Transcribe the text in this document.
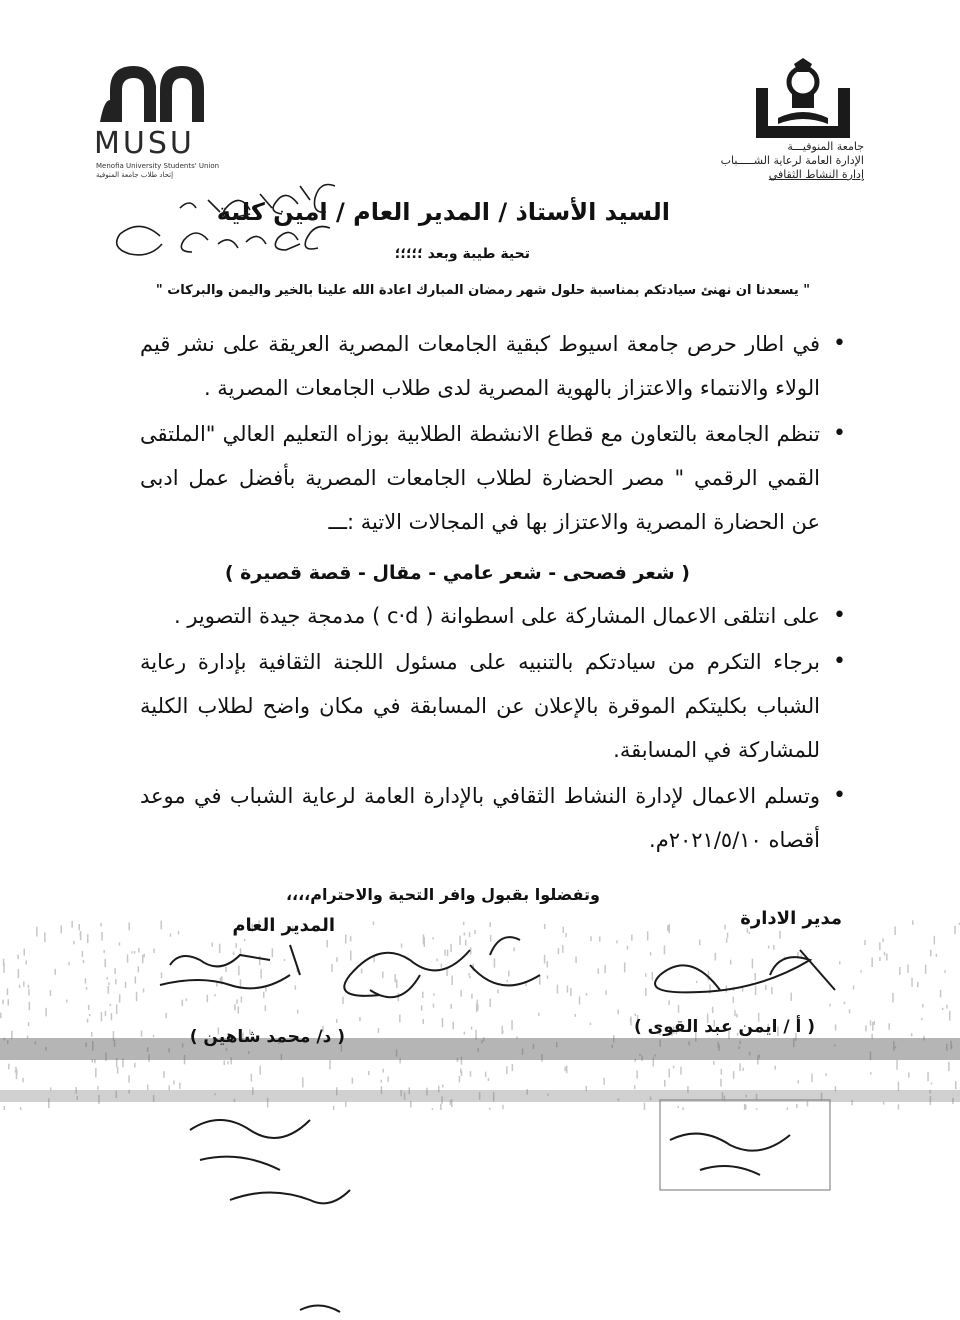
MUSU
Menofia University Students' Union
إتحاد طلاب جامعة المنوفية
جامعة المنوفيـــة
الإدارة العامة لرعاية الشـــــباب
إدارة النشاط الثقافي
السيد الأستاذ / المدير العام / امين كلية
تحية طيبة وبعد ؛؛؛؛؛
" يسعدنا ان نهنئ سيادتكم بمناسبة حلول شهر رمضان المبارك اعادة الله علينا بالخير واليمن والبركات "
• في اطار حرص جامعة اسيوط كبقية الجامعات المصرية العريقة على نشر قيم الولاء والانتماء والاعتزاز بالهوية المصرية لدى طلاب الجامعات المصرية .
• تنظم الجامعة بالتعاون مع قطاع الانشطة الطلابية بوزاه التعليم العالي "الملتقى القمي الرقمي " مصر الحضارة لطلاب الجامعات المصرية بأفضل عمل ادبى عن الحضارة المصرية والاعتزاز بها في المجالات الاتية :ـــ
• على انتلقى الاعمال المشاركة على اسطوانة ( c·d ) مدمجة جيدة التصوير .
• برجاء التكرم من سيادتكم بالتنبيه على مسئول اللجنة الثقافية بإدارة رعاية الشباب بكليتكم الموقرة بالإعلان عن المسابقة في مكان واضح لطلاب الكلية للمشاركة في المسابقة.
• وتسلم الاعمال لإدارة النشاط الثقافي بالإدارة العامة لرعاية الشباب في موعد أقصاه ٢٠٢١/٥/١٠م.
( شعر فصحى - شعر عامي - مقال - قصة قصيرة )
وتفضلوا بقبول وافر التحية والاحترام،،،،
مدير الادارة
المدير العام
( أ / ايمن عبد القوى )
( د/ محمد شاهين )
